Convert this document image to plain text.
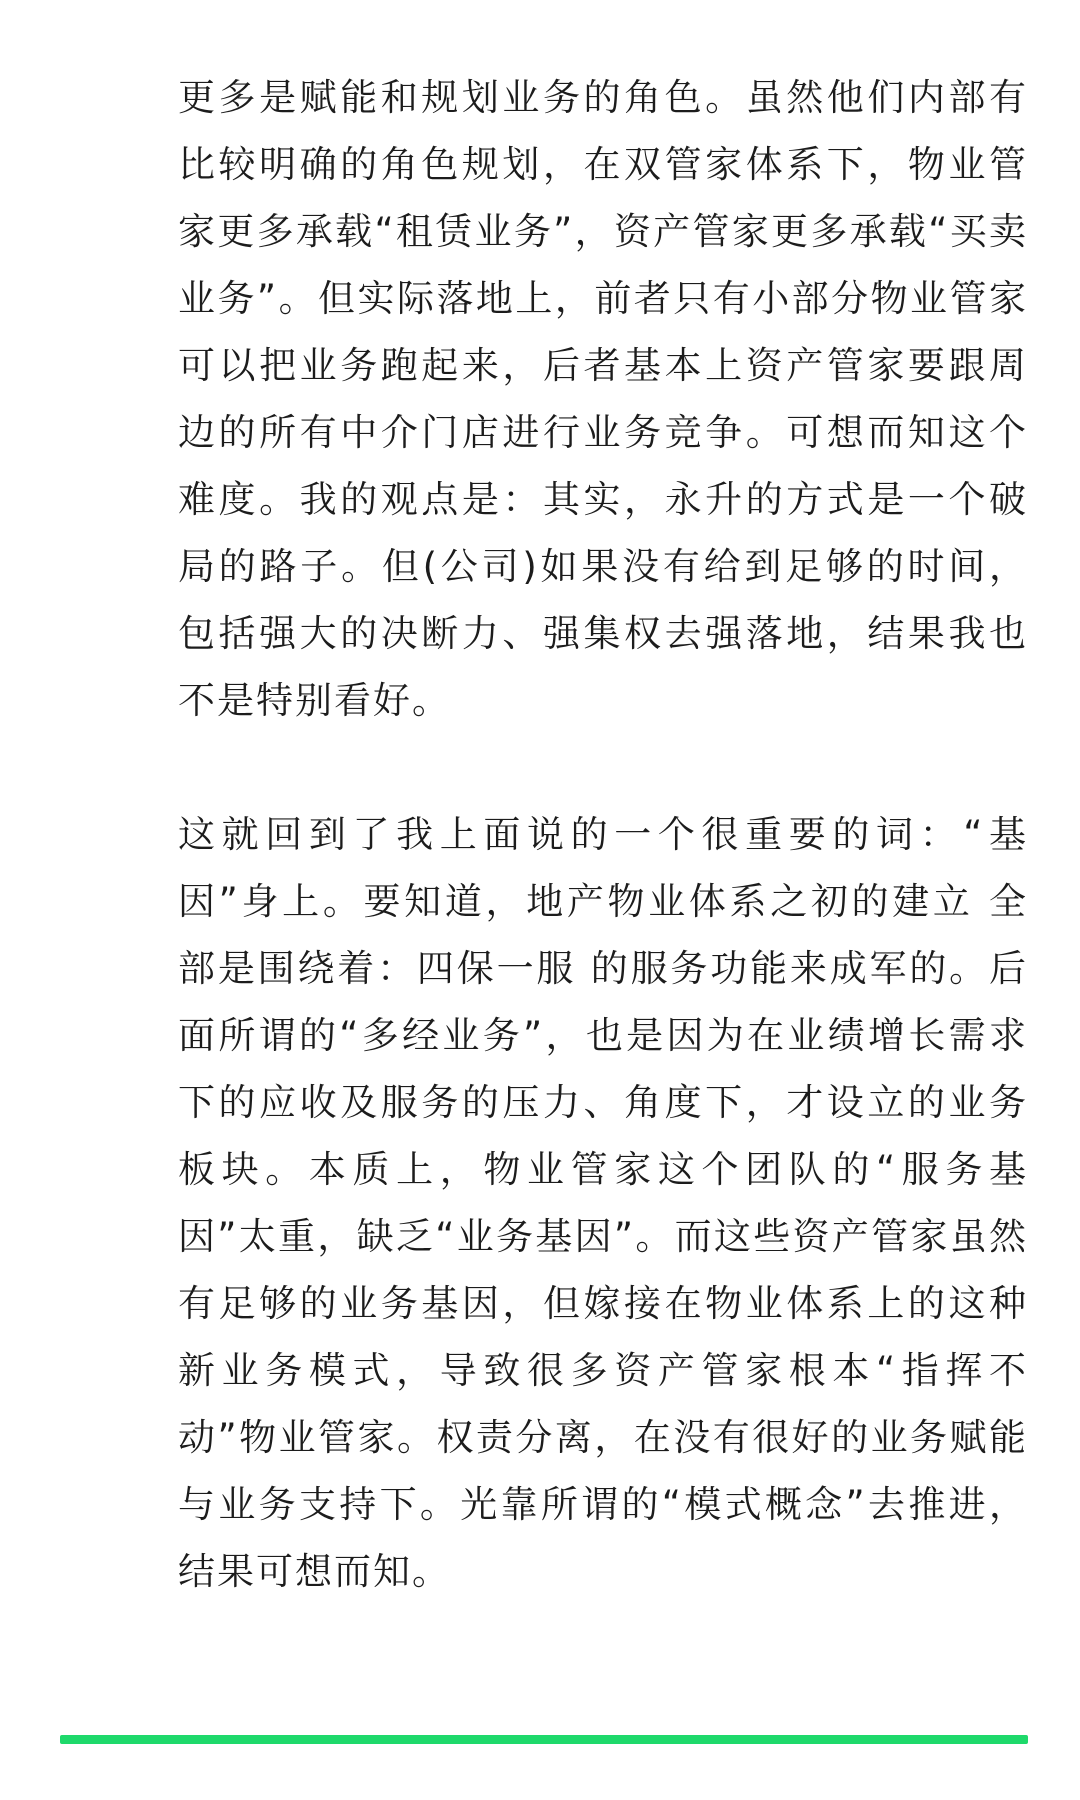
更多是赋能和规划业务的角色。虽然他们内部有比较明确的角色规划，在双管家体系下，物业管家更多承载“租赁业务”，资产管家更多承载“买卖业务”。但实际落地上，前者只有小部分物业管家可以把业务跑起来，后者基本上资产管家要跟周边的所有中介门店进行业务竞争。可想而知这个难度。我的观点是：其实，永升的方式是一个破局的路子。但(公司)如果没有给到足够的时间，包括强大的决断力、强集权去强落地，结果我也不是特别看好。

这就回到了我上面说的一个很重要的词：“基因”身上。要知道，地产物业体系之初的建立 全部是围绕着：四保一服 的服务功能来成军的。后面所谓的“多经业务”，也是因为在业绩增长需求下的应收及服务的压力、角度下，才设立的业务板块。本质上，物业管家这个团队的“服务基因”太重，缺乏“业务基因”。而这些资产管家虽然有足够的业务基因，但嫁接在物业体系上的这种新业务模式，导致很多资产管家根本“指挥不动”物业管家。权责分离，在没有很好的业务赋能与业务支持下。光靠所谓的“模式概念”去推进，结果可想而知。
